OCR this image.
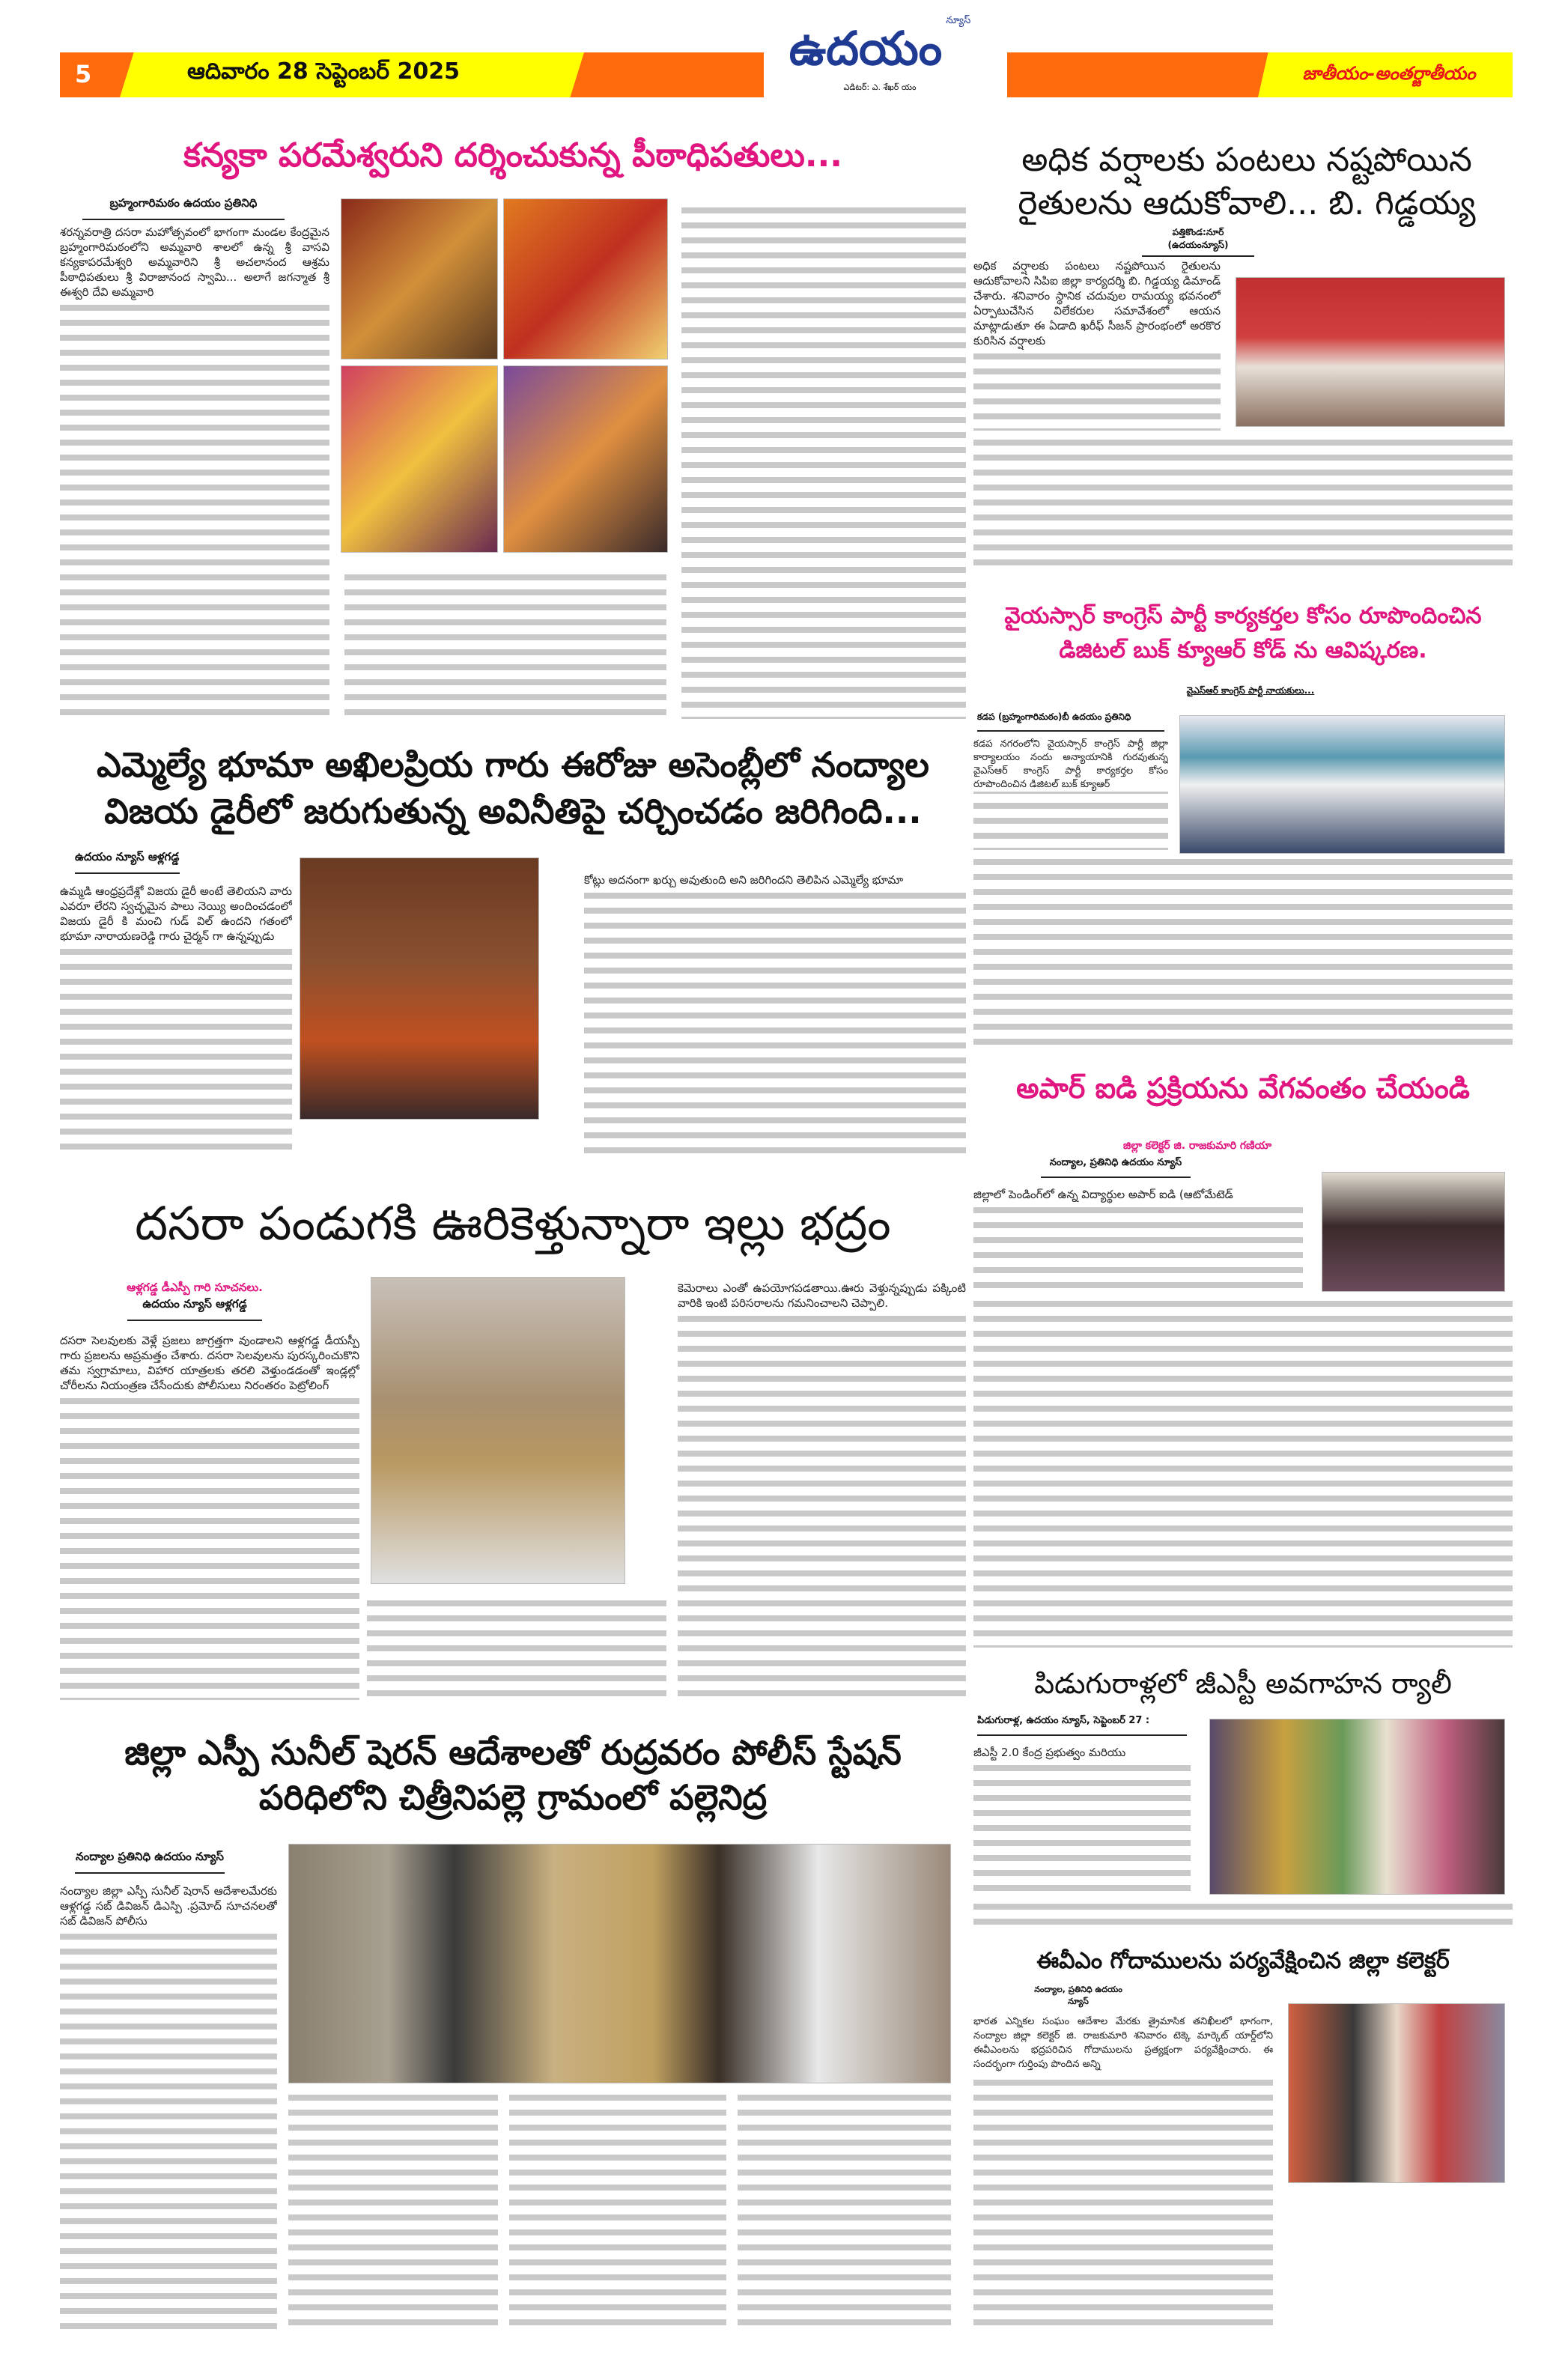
5	ఆదివారం 28 సెప్టెంబర్ 2025	ఉదయం $^{న్యూస్}$
ఎడిటర్: ఎ. శేఖర్ యం
జాతీయం-అంతర్జాతీయం
కన్యకా పరమేశ్వరుని దర్శించుకున్న పీఠాధిపతులు...
బ్రహ్మంగారిమఠం ఉదయం ప్రతినిధి
శరన్నవరాత్రి దసరా మహోత్సవంలో భాగంగా మండల కేంద్రమైన బ్రహ్మంగారిమఠంలోని అమ్మవారి శాలలో ఉన్న శ్రీ వాసవి కన్యకాపరమేశ్వరి అమ్మవారిని శ్రీ అచలానంద ఆశ్రమ పీఠాధిపతులు శ్రీ విరాజానంద స్వామి... అలాగే జగన్మాత శ్రీ ఈశ్వరి దేవి అమ్మవారి
ఎమ్మెల్యే భూమా అఖిలప్రియ గారు ఈరోజు అసెంబ్లీలో నంద్యాల విజయ డైరీలో జరుగుతున్న అవినీతిపై చర్చించడం జరిగింది...
ఉదయం న్యూస్ ఆళ్లగడ్డ
ఉమ్మడి ఆంధ్రప్రదేశ్లో విజయ డైరీ అంటే తెలియని వారు ఎవరూ లేరని స్వచ్ఛమైన పాలు నెయ్యి అందించడంలో విజయ డైరీ కి మంచి గుడ్ విల్ ఉందని గతంలో భూమా నారాయణరెడ్డి గారు చైర్మన్ గా ఉన్నప్పుడు
కోట్లు అదనంగా ఖర్చు అవుతుంది అని జరిగిందని తెలిపిన ఎమ్మెల్యే భూమా
దసరా పండుగకి ఊరికెళ్తున్నారా ఇల్లు భద్రం
ఆళ్లగడ్డ డీఎస్పీ గారి సూచనలు.
ఉదయం న్యూస్ ఆళ్లగడ్డ
దసరా సెలవులకు వెళ్లే ప్రజలు జాగ్రత్తగా వుండాలని ఆళ్లగడ్డ డీయస్పీ గారు ప్రజలను అప్రమత్తం చేశారు. దసరా సెలవులను పురస్కరించుకొని తమ స్వగ్రామాలు, విహార యాత్రలకు తరలి వెళ్తుండడంతో ఇండ్లల్లో చోరీలను నియంత్రణ చేసేందుకు పోలీసులు నిరంతరం పెట్రోలింగ్
కెమెరాలు ఎంతో ఉపయోగపడతాయి.ఊరు వెళ్తున్నప్పుడు పక్కింటి వారికి ఇంటి పరిసరాలను గమనించాలని చెప్పాలి.
జిల్లా ఎస్పీ సునీల్ షెరన్ ఆదేశాలతో రుద్రవరం పోలీస్ స్టేషన్ పరిధిలోని చిత్రీనిపల్లె గ్రామంలో పల్లెనిద్ర
నంద్యాల ప్రతినిధి ఉదయం న్యూస్
నంద్యాల జిల్లా ఎస్పీ సునీల్ షెరాన్ ఆదేశాలమేరకు ఆళ్లగడ్డ సబ్ డివిజన్ డిఎస్పి .ప్రమోద్ సూచనలతో సబ్ డివిజన్ పోలీసు
అధిక వర్షాలకు పంటలు నష్టపోయిన రైతులను ఆదుకోవాలి... బి. గిడ్డయ్య
పత్తికొండ:నూర్ (ఉదయంన్యూస్)
అధిక వర్షాలకు పంటలు నష్టపోయిన రైతులను ఆదుకోవాలని సిపిఐ జిల్లా కార్యదర్శి బి. గిడ్డయ్య డిమాండ్ చేశారు. శనివారం స్థానిక చదువుల రామయ్య భవనంలో ఏర్పాటుచేసిన విలేకరుల సమావేశంలో ఆయన మాట్లాడుతూ ఈ ఏడాది ఖరీఫ్ సీజన్ ప్రారంభంలో అరకొర కురిసిన వర్షాలకు
వైయస్సార్ కాంగ్రెస్ పార్టీ కార్యకర్తల కోసం రూపొందించిన డిజిటల్ బుక్ క్యూఆర్ కోడ్ ను ఆవిష్కరణ.
వైఎస్ఆర్ కాంగ్రెస్ పార్టీ నాయకులు...
కడప (బ్రహ్మంగారిమఠం)బీ ఉదయం ప్రతినిధి
కడప నగరంలోని వైయస్సార్ కాంగ్రెస్ పార్టీ జిల్లా కార్యాలయం నందు అన్యాయానికి గురవుతున్న వైఎస్ఆర్ కాంగ్రెస్ పార్టీ కార్యకర్తల కోసం రూపొందించిన డిజిటల్ బుక్ క్యూఆర్
అపార్ ఐడి ప్రక్రియను వేగవంతం చేయండి
జిల్లా కలెక్టర్ జి. రాజకుమారి గణియా
నంద్యాల, ప్రతినిధి ఉదయం న్యూస్
జిల్లాలో పెండింగ్‌లో ఉన్న విద్యార్థుల అపార్ ఐడి (ఆటోమేటెడ్
పిడుగురాళ్లలో జీఎస్టీ అవగాహన ర్యాలీ
పిడుగురాళ్ల, ఉదయం న్యూస్, సెప్టెంబర్ 27 :
జీఎస్టీ 2.0 కేంద్ర ప్రభుత్వం మరియు
ఈవీఎం గోదాములను పర్యవేక్షించిన జిల్లా కలెక్టర్
నంద్యాల, ప్రతినిధి ఉదయం న్యూస్
భారత ఎన్నికల సంఘం ఆదేశాల మేరకు త్రైమాసిక తనిఖీలలో భాగంగా, నంద్యాల జిల్లా కలెక్టర్ జి. రాజకుమారి శనివారం టెక్కె మార్కెట్ యార్డ్‌లోని ఈవీఎంలను భద్రపరిచిన గోదాములను ప్రత్యక్షంగా పర్యవేక్షించారు. ఈ సందర్భంగా గుర్తింపు పొందిన అన్ని
